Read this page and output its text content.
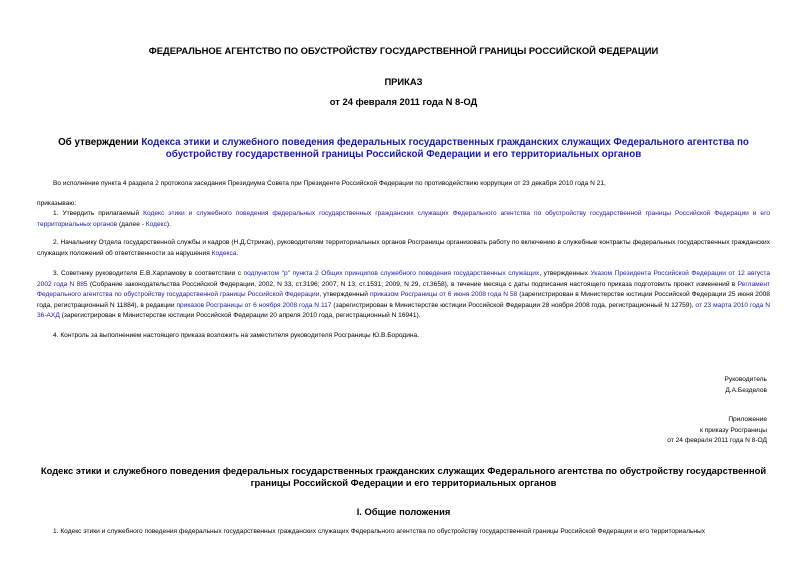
ФЕДЕРАЛЬНОЕ АГЕНТСТВО ПО ОБУСТРОЙСТВУ ГОСУДАРСТВЕННОЙ ГРАНИЦЫ РОССИЙСКОЙ ФЕДЕРАЦИИ
ПРИКАЗ
от 24 февраля 2011 года N 8-ОД
Об утверждении Кодекса этики и служебного поведения федеральных государственных гражданских служащих Федерального агентства по обустройству государственной границы Российской Федерации и его территориальных органов
Во исполнение пункта 4 раздела 2 протокола заседания Президиума Совета при Президенте Российской Федерации по противодействию коррупции от 23 декабря 2010 года N 21,
приказываю:
1. Утвердить прилагаемый Кодекс этики и служебного поведения федеральных государственных гражданских служащих Федерального агентства по обустройству государственной границы Российской Федерации и его территориальных органов (далее - Кодекс).
2. Начальнику Отдела государственной службы и кадров (Н.Д.Стрикак), руководителям территориальных органов Росграницы организовать работу по включению в служебные контракты федеральных государственных гражданских служащих положений об ответственности за нарушения Кодекса.
3. Советнику руководителя Е.В.Харламову в соответствии с подпунктом "р" пункта 2 Общих принципов служебного поведения государственных служащих, утвержденных Указом Президента Российской Федерации от 12 августа 2002 года N 885 (Собрание законодательства Российской Федерации, 2002, N 33, ст.3196; 2007, N 13, ст.1531; 2009, N 29, ст.3658), в течение месяца с даты подписания настоящего приказа подготовить проект изменений в Регламент Федерального агентства по обустройству государственной границы Российской Федерации, утвержденный приказом Росграницы от 6 июня 2008 года N 58 (зарегистрирован в Министерстве юстиции Российской Федерации 25 июня 2008 года, регистрационный N 11884), в редакции приказов Росграницы от 6 ноября 2008 года N 117 (зарегистрирован в Министерстве юстиции Российской Федерации 28 ноября 2008 года, регистрационный N 12759), от 23 марта 2010 года N 36-АХД (зарегистрирован в Министерстве юстиции Российской Федерации 20 апреля 2010 года, регистрационный N 16941).
4. Контроль за выполнением настоящего приказа возложить на заместителя руководителя Росграницы Ю.В.Бородина.
Руководитель
Д.А.Безделов
Приложение
к приказу Росграницы
от 24 февраля 2011 года N 8-ОД
Кодекс этики и служебного поведения федеральных государственных гражданских служащих Федерального агентства по обустройству государственной границы Российской Федерации и его территориальных органов
I. Общие положения
1. Кодекс этики и служебного поведения федеральных государственных гражданских служащих Федерального агентства по обустройству государственной границы Российской Федерации и его территориальных
